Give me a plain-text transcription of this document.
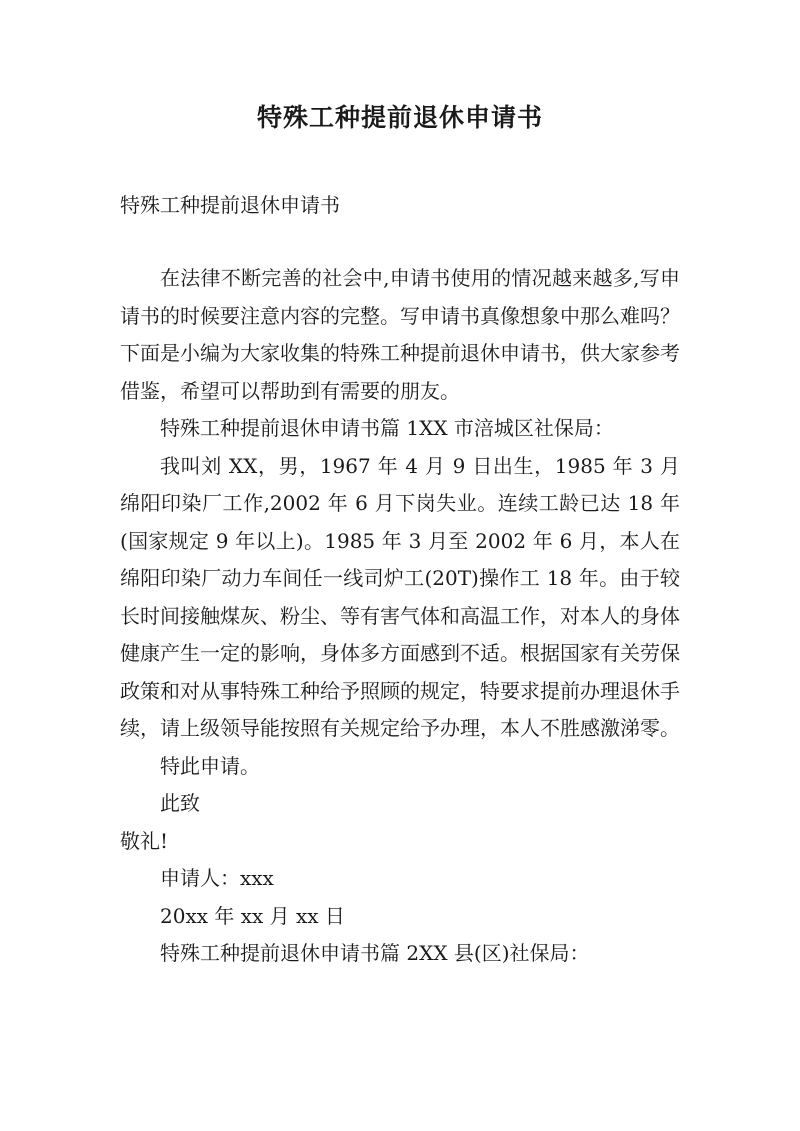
特殊工种提前退休申请书

特殊工种提前退休申请书

在法律不断完善的社会中,申请书使用的情况越来越多,写申请书的时候要注意内容的完整。写申请书真像想象中那么难吗？下面是小编为大家收集的特殊工种提前退休申请书，供大家参考借鉴，希望可以帮助到有需要的朋友。

特殊工种提前退休申请书篇 1XX 市涪城区社保局：

我叫刘 XX，男，1967 年 4 月 9 日出生，1985 年 3 月绵阳印染厂工作,2002 年 6 月下岗失业。连续工龄已达 18 年(国家规定 9 年以上)。1985 年 3 月至 2002 年 6 月，本人在绵阳印染厂动力车间任一线司炉工(20T)操作工 18 年。由于较长时间接触煤灰、粉尘、等有害气体和高温工作，对本人的身体健康产生一定的影响，身体多方面感到不适。根据国家有关劳保政策和对从事特殊工种给予照顾的规定，特要求提前办理退休手续，请上级领导能按照有关规定给予办理，本人不胜感激涕零。

特此申请。

此致

敬礼!

申请人：xxx

20xx 年 xx 月 xx 日

特殊工种提前退休申请书篇 2XX 县(区)社保局：
